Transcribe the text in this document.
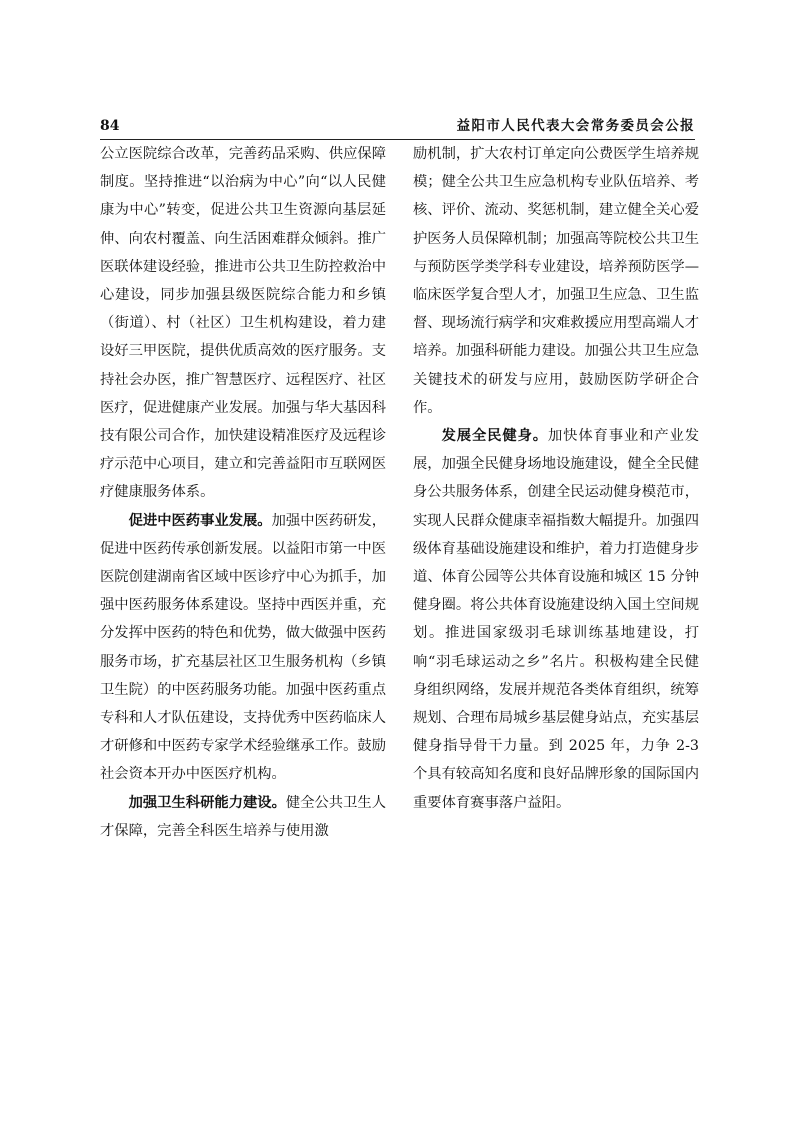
84	益阳市人民代表大会常务委员会公报

公立医院综合改革，完善药品采购、供应保障制度。坚持推进“以治病为中心”向“以人民健康为中心”转变，促进公共卫生资源向基层延伸、向农村覆盖、向生活困难群众倾斜。推广医联体建设经验，推进市公共卫生防控救治中心建设，同步加强县级医院综合能力和乡镇（街道）、村（社区）卫生机构建设，着力建设好三甲医院，提供优质高效的医疗服务。支持社会办医，推广智慧医疗、远程医疗、社区医疗，促进健康产业发展。加强与华大基因科技有限公司合作，加快建设精准医疗及远程诊疗示范中心项目，建立和完善益阳市互联网医疗健康服务体系。

促进中医药事业发展。加强中医药研发，促进中医药传承创新发展。以益阳市第一中医医院创建湖南省区域中医诊疗中心为抓手，加强中医药服务体系建设。坚持中西医并重，充分发挥中医药的特色和优势，做大做强中医药服务市场，扩充基层社区卫生服务机构（乡镇卫生院）的中医药服务功能。加强中医药重点专科和人才队伍建设，支持优秀中医药临床人才研修和中医药专家学术经验继承工作。鼓励社会资本开办中医医疗机构。

加强卫生科研能力建设。健全公共卫生人才保障，完善全科医生培养与使用激

励机制，扩大农村订单定向公费医学生培养规模；健全公共卫生应急机构专业队伍培养、考核、评价、流动、奖惩机制，建立健全关心爱护医务人员保障机制；加强高等院校公共卫生与预防医学类学科专业建设，培养预防医学—临床医学复合型人才，加强卫生应急、卫生监督、现场流行病学和灾难救援应用型高端人才培养。加强科研能力建设。加强公共卫生应急关键技术的研发与应用，鼓励医防学研企合作。

发展全民健身。加快体育事业和产业发展，加强全民健身场地设施建设，健全全民健身公共服务体系，创建全民运动健身模范市，实现人民群众健康幸福指数大幅提升。加强四级体育基础设施建设和维护，着力打造健身步道、体育公园等公共体育设施和城区 15 分钟健身圈。将公共体育设施建设纳入国土空间规划。推进国家级羽毛球训练基地建设，打响“羽毛球运动之乡”名片。积极构建全民健身组织网络，发展并规范各类体育组织，统筹规划、合理布局城乡基层健身站点，充实基层健身指导骨干力量。到 2025 年，力争 2-3 个具有较高知名度和良好品牌形象的国际国内重要体育赛事落户益阳。
